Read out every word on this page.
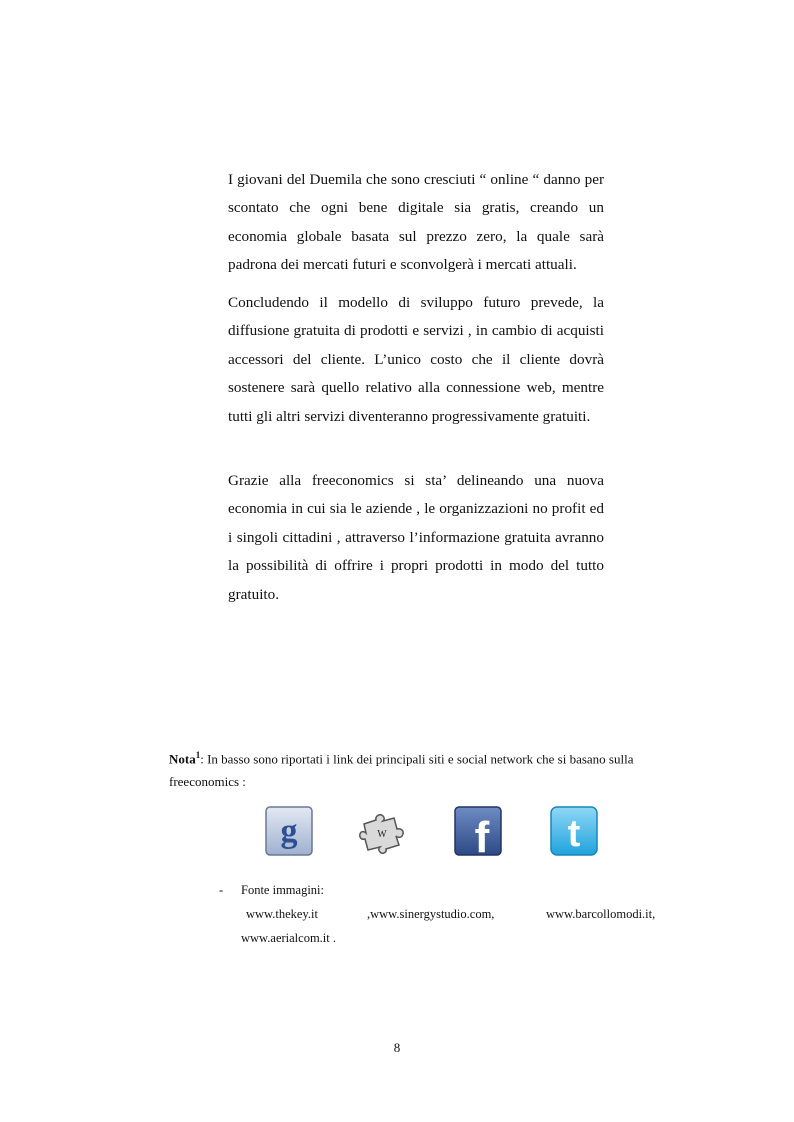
I giovani del Duemila che sono cresciuti “ online “ danno per scontato che ogni bene digitale sia gratis, creando un economia globale basata sul prezzo zero, la quale sarà padrona dei mercati futuri e sconvolgerà i mercati attuali.

Concludendo il modello di sviluppo futuro prevede, la diffusione gratuita di prodotti e servizi , in cambio di acquisti accessori del cliente. L’unico costo che il cliente dovrà sostenere sarà quello relativo alla connessione web, mentre tutti gli altri servizi diventeranno progressivamente gratuiti.

Grazie alla freeconomics si sta’ delineando una nuova economia in cui sia le aziende , le organizzazioni no profit ed i singoli cittadini , attraverso l’informazione gratuita avranno la possibilità di offrire i propri prodotti in modo del tutto gratuito.

Nota$^1$: In basso sono riportati i link dei principali siti e social network che si basano sulla freeconomics :

g	W f t
- Fonte immagini:
www.thekey.it	,www.sinergystudio.com,	www.barcollomodi.it,
www.aerialcom.it .
8
